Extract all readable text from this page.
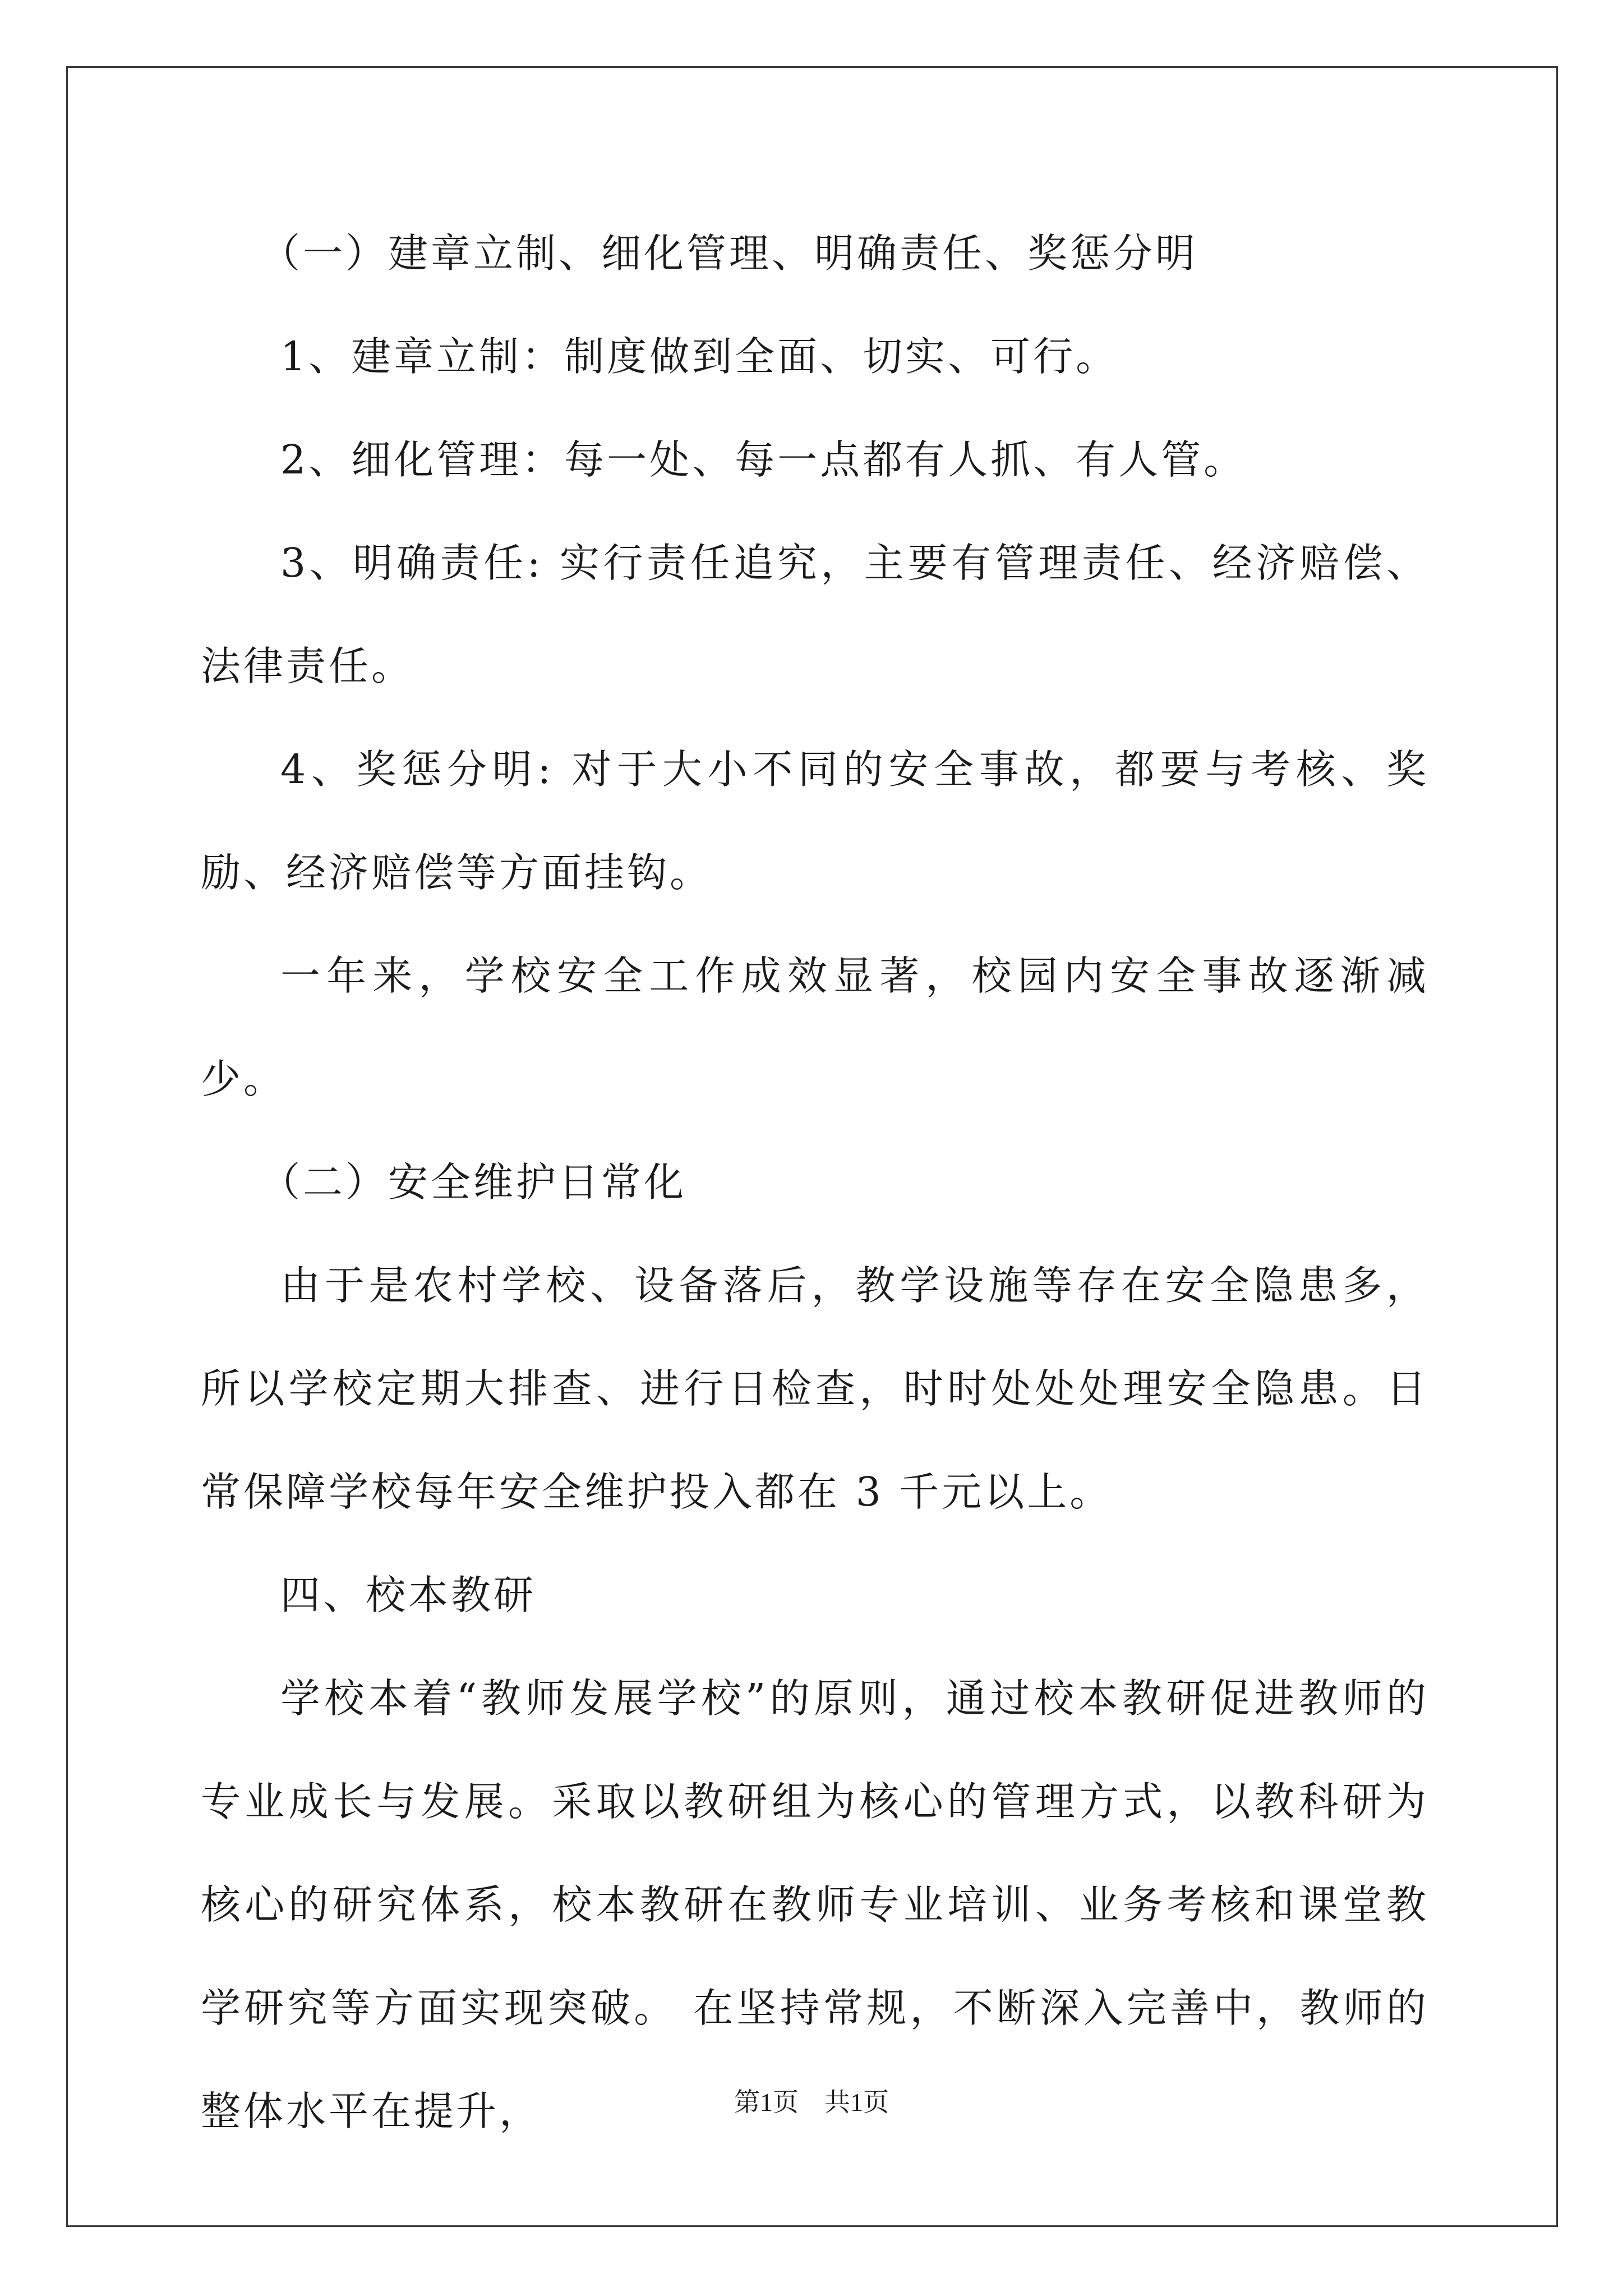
（一）建章立制、细化管理、明确责任、奖惩分明
1、建章立制：制度做到全面、切实、可行。
2、细化管理：每一处、每一点都有人抓、有人管。
3、明确责任: 实行责任追究，主要有管理责任、经济赔偿、法律责任。
4、奖惩分明: 对于大小不同的安全事故，都要与考核、奖励、经济赔偿等方面挂钩。
一年来，学校安全工作成效显著，校园内安全事故逐渐减少。
（二）安全维护日常化
由于是农村学校、设备落后，教学设施等存在安全隐患多，所以学校定期大排查、进行日检查，时时处处处理安全隐患。日常保障学校每年安全维护投入都在 3 千元以上。
四、校本教研
学校本着“教师发展学校”的原则，通过校本教研促进教师的专业成长与发展。采取以教研组为核心的管理方式，以教科研为核心的研究体系，校本教研在教师专业培训、业务考核和课堂教学研究等方面实现突破。 在坚持常规，不断深入完善中，教师的整体水平在提升，	第1页    共1页
